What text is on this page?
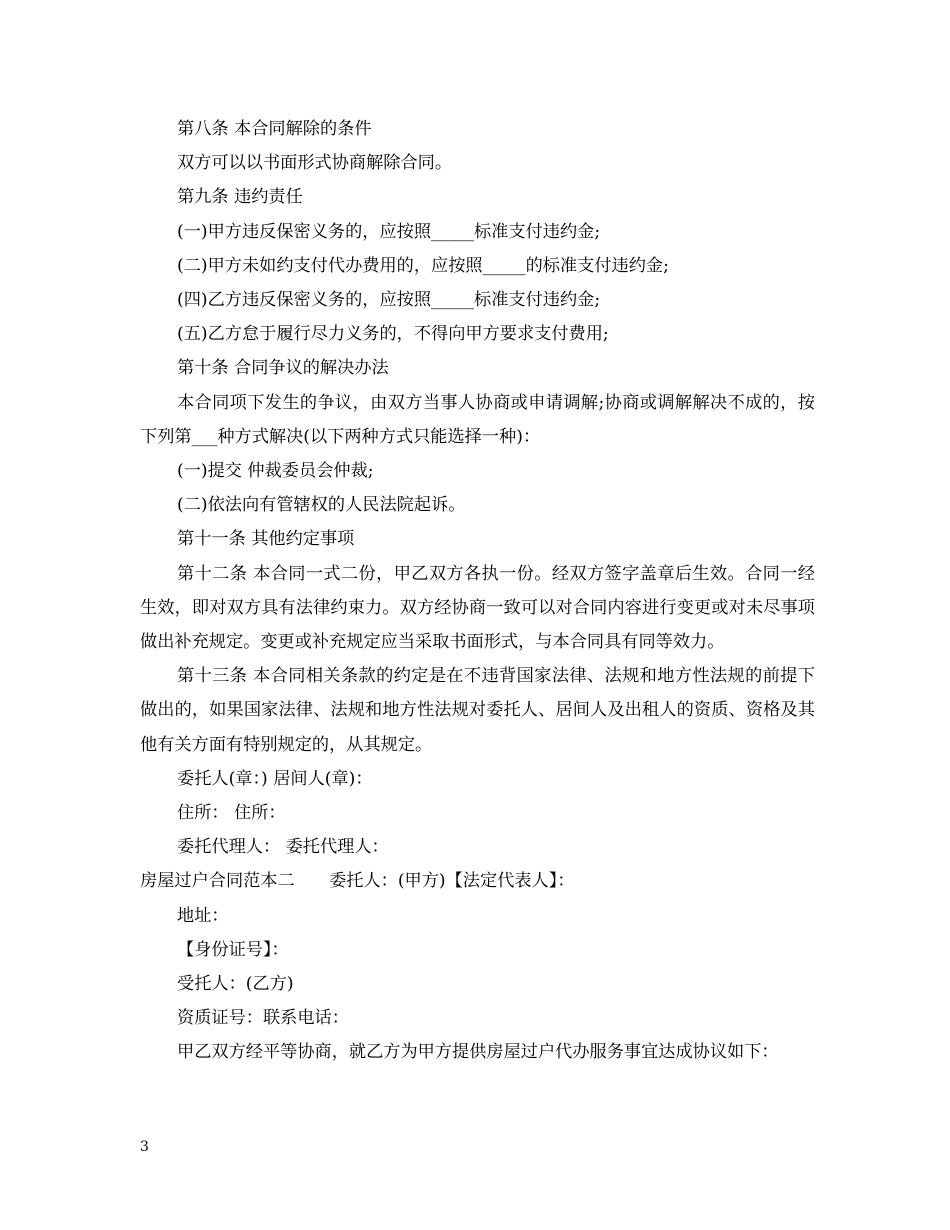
第八条 本合同解除的条件

双方可以以书面形式协商解除合同。

第九条 违约责任

(一)甲方违反保密义务的，应按照_____标准支付违约金;

(二)甲方未如约支付代办费用的，应按照_____的标准支付违约金;

(四)乙方违反保密义务的，应按照_____标准支付违约金;

(五)乙方怠于履行尽力义务的，不得向甲方要求支付费用;

第十条 合同争议的解决办法

本合同项下发生的争议，由双方当事人协商或申请调解;协商或调解解决不成的，按下列第___种方式解决(以下两种方式只能选择一种)：

(一)提交 仲裁委员会仲裁;

(二)依法向有管辖权的人民法院起诉。

第十一条 其他约定事项

第十二条 本合同一式二份，甲乙双方各执一份。经双方签字盖章后生效。合同一经生效，即对双方具有法律约束力。双方经协商一致可以对合同内容进行变更或对未尽事项做出补充规定。变更或补充规定应当采取书面形式，与本合同具有同等效力。

第十三条 本合同相关条款的约定是在不违背国家法律、法规和地方性法规的前提下做出的，如果国家法律、法规和地方性法规对委托人、居间人及出租人的资质、资格及其他有关方面有特别规定的，从其规定。

委托人(章：) 居间人(章)：

住所： 住所：

委托代理人： 委托代理人：

房屋过户合同范本二　　委托人：(甲方)【法定代表人】：

地址：

【身份证号】：

受托人：(乙方)

资质证号：联系电话：

甲乙双方经平等协商，就乙方为甲方提供房屋过户代办服务事宜达成协议如下：

3
